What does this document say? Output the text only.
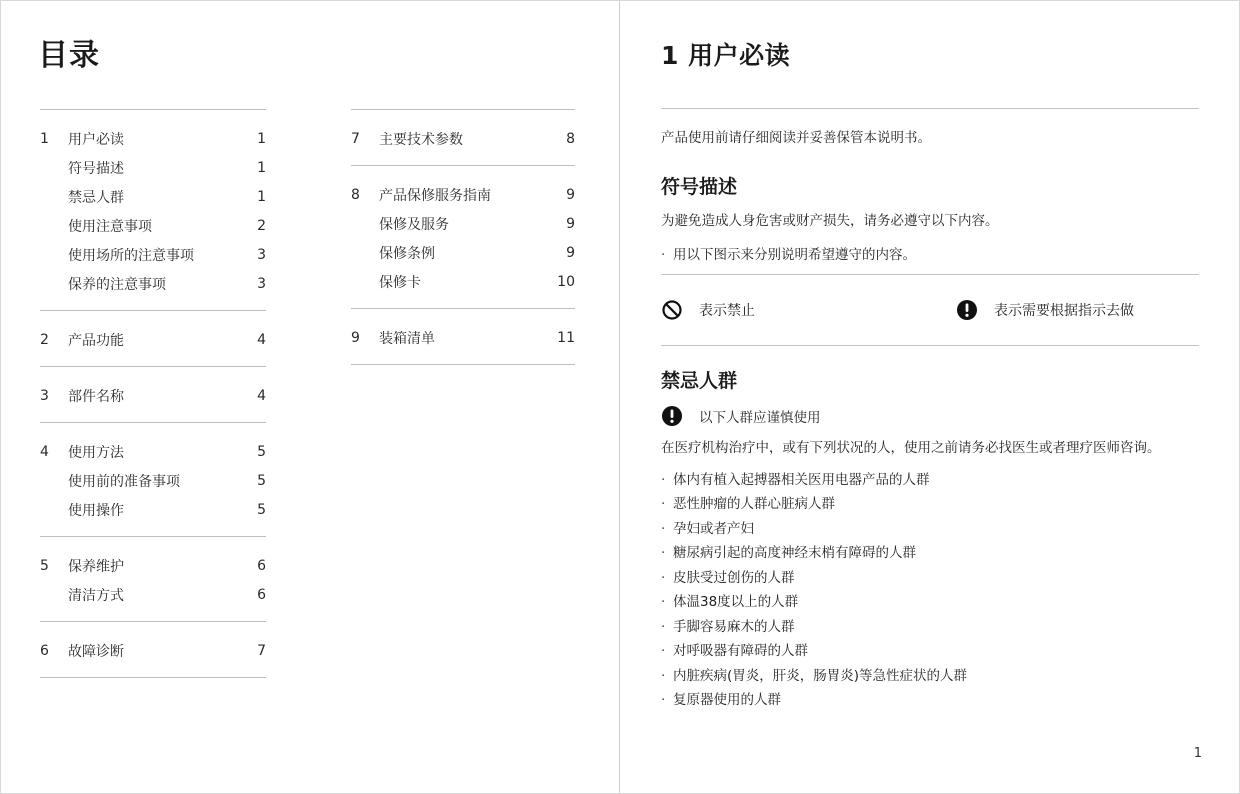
目录
1	用户必读	1
符号描述	1
禁忌人群	1
使用注意事项	2
使用场所的注意事项	3
保养的注意事项	3
2	产品功能	4
3	部件名称	4
4	使用方法	5
使用前的准备事项	5
使用操作	5
5	保养维护	6
清洁方式	6
6	故障诊断	7
7	主要技术参数	8
8	产品保修服务指南	9
保修及服务	9
保修条例	9
保修卡	10
9	装箱清单	11
1 用户必读

产品使用前请仔细阅读并妥善保管本说明书。

符号描述

为避免造成人身危害或财产损失，请务必遵守以下内容。

· 用以下图示来分别说明希望遵守的内容。

表示禁止	表示需要根据指示去做
禁忌人群
以下人群应谨慎使用

在医疗机构治疗中，或有下列状况的人，使用之前请务必找医生或者理疗医师咨询。

· 体内有植入起搏器相关医用电器产品的人群

· 恶性肿瘤的人群心脏病人群

· 孕妇或者产妇

· 糖尿病引起的高度神经末梢有障碍的人群

· 皮肤受过创伤的人群

· 体温38度以上的人群

· 手脚容易麻木的人群

· 对呼吸器有障碍的人群

· 内脏疾病(胃炎，肝炎，肠胃炎)等急性症状的人群

· 复原器使用的人群

1
